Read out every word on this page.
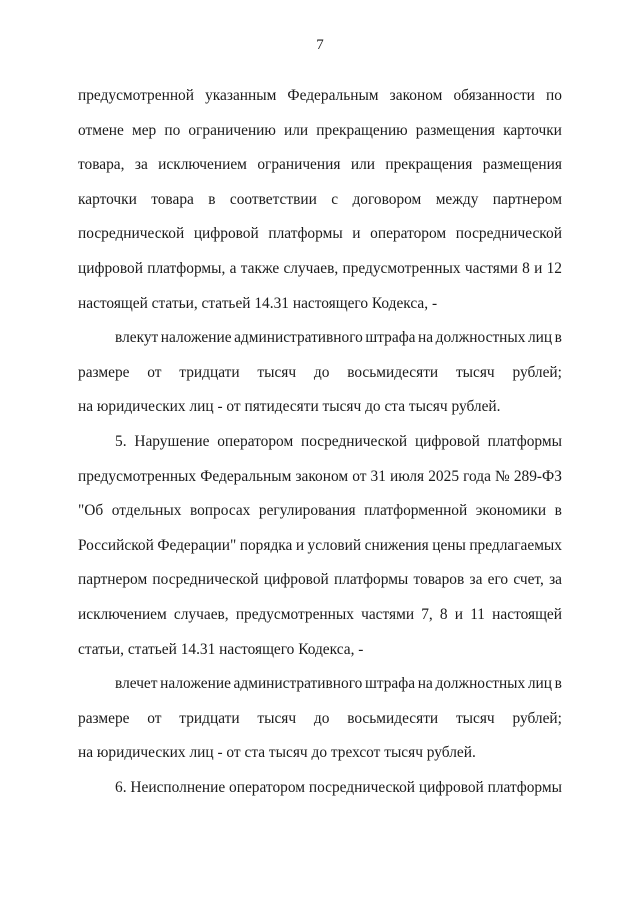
7
предусмотренной указанным Федеральным законом обязанности по
отмене мер по ограничению или прекращению размещения карточки
товара, за исключением ограничения или прекращения размещения
карточки товара в соответствии с договором между партнером
посреднической цифровой платформы и оператором посреднической
цифровой платформы, а также случаев, предусмотренных частями 8 и 12
настоящей статьи, статьей 14.31 настоящего Кодекса, -
влекут наложение административного штрафа на должностных лиц в
размере от тридцати тысяч до восьмидесяти тысяч рублей;
на юридических лиц - от пятидесяти тысяч до ста тысяч рублей.
5. Нарушение оператором посреднической цифровой платформы
предусмотренных Федеральным законом от 31 июля 2025 года № 289-ФЗ
"Об отдельных вопросах регулирования платформенной экономики в
Российской Федерации" порядка и условий снижения цены предлагаемых
партнером посреднической цифровой платформы товаров за его счет, за
исключением случаев, предусмотренных частями 7, 8 и 11 настоящей
статьи, статьей 14.31 настоящего Кодекса, -
влечет наложение административного штрафа на должностных лиц в
размере от тридцати тысяч до восьмидесяти тысяч рублей;
на юридических лиц - от ста тысяч до трехсот тысяч рублей.
6. Неисполнение оператором посреднической цифровой платформы
